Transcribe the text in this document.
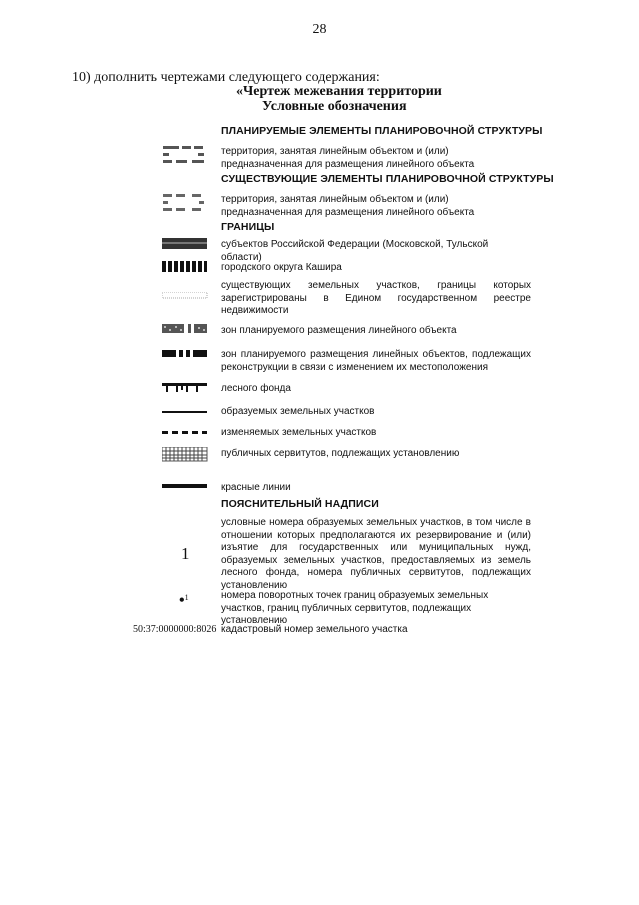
28
10) дополнить чертежами следующего содержания:
«Чертеж межевания территории
Условные обозначения
ПЛАНИРУЕМЫЕ ЭЛЕМЕНТЫ ПЛАНИРОВОЧНОЙ СТРУКТУРЫ
территория, занятая линейным объектом и (или) предназначенная для размещения линейного объекта
СУЩЕСТВУЮЩИЕ ЭЛЕМЕНТЫ ПЛАНИРОВОЧНОЙ СТРУКТУРЫ
территория, занятая линейным объектом и (или) предназначенная для размещения линейного объекта
ГРАНИЦЫ
субъектов Российской Федерации (Московской, Тульской области)
городского округа Кашира
существующих земельных участков, границы которых зарегистрированы в Едином государственном реестре недвижимости
зон планируемого размещения линейного объекта
зон планируемого размещения линейных объектов, подлежащих реконструкции в связи с изменением их местоположения
лесного фонда
образуемых земельных участков
изменяемых земельных участков
публичных сервитутов, подлежащих установлению
красные линии
ПОЯСНИТЕЛЬНЫЙ НАДПИСИ
1
условные номера образуемых земельных участков, в том числе в отношении которых предполагаются их резервирование и (или) изъятие для государственных или муниципальных нужд, образуемых земельных участков, предоставляемых из земель лесного фонда, номера публичных сервитутов, подлежащих установлению
•$^1$	номера поворотных точек границ образуемых земельных участков, границ публичных сервитутов, подлежащих установлению
50:37:0000000:8026 кадастровый номер земельного участка
